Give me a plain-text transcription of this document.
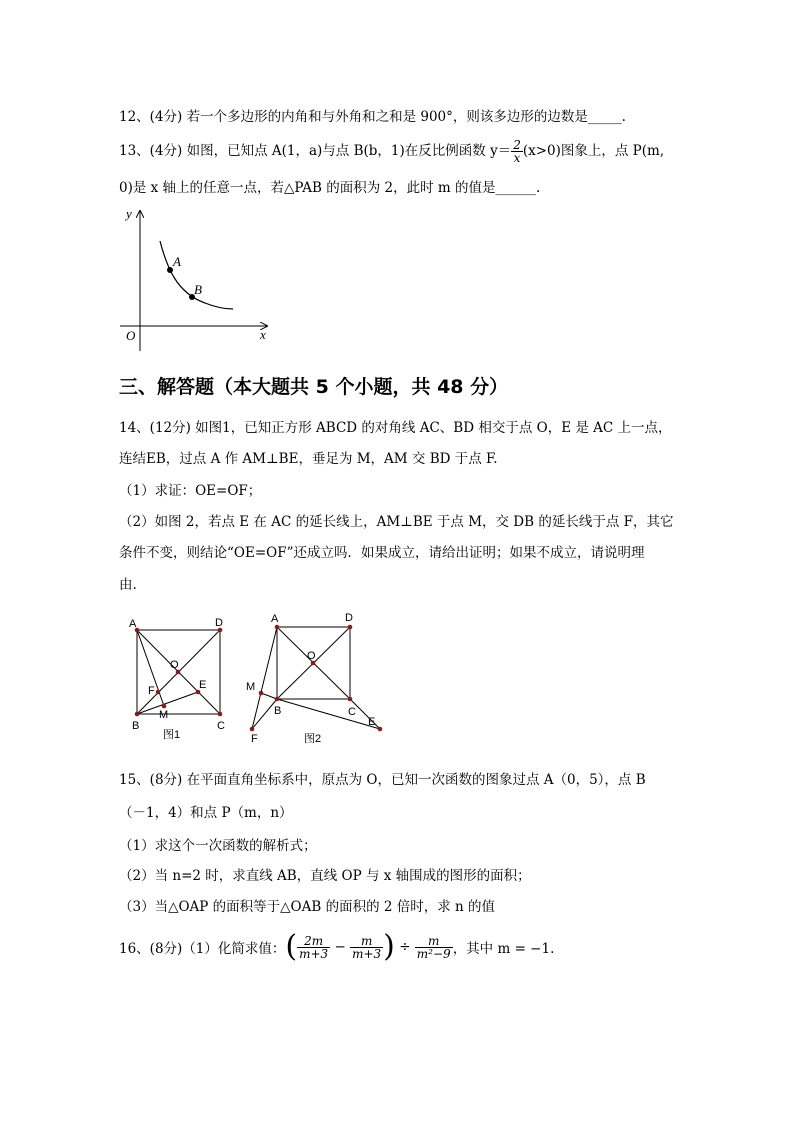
12、(4分) 若一个多边形的内角和与外角和之和是 900°，则该多边形的边数是_____.
13、(4分) 如图，已知点 A(1，a)与点 B(b，1)在反比例函数 $y= \frac{2}{x} (x>0)$图象上，点 P(m,
0)是 x 轴上的任意一点，若△PAB 的面积为 2，此时 m 的值是______.
y
x
O
A
B
三、解答题（本大题共 5 个小题，共 48 分）
14、(12分) 如图1，已知正方形 ABCD 的对角线 AC、BD 相交于点 O，E 是 AC 上一点，
连结EB，过点 A 作 AM⊥BE，垂足为 M，AM 交 BD 于点 F.
（1）求证：OE=OF；
（2）如图 2，若点 E 在 AC 的延长线上，AM⊥BE 于点 M，交 DB 的延长线于点 F，其它
条件不变，则结论“OE=OF”还成立吗．如果成立，请给出证明；如果不成立，请说明理
由.
A	D
O
F	E
M
B	C
图1
A	D
O
M
B	C
E
F	图2
15、(8分) 在平面直角坐标系中，原点为 O，已知一次函数的图象过点 A（0，5），点 B
（－1，4）和点 P（m，n）
（1）求这个一次函数的解析式；
（2）当 n=2 时，求直线 AB，直线 OP 与 x 轴围成的图形的面积；
（3）当△OAP 的面积等于△OAB 的面积的 2 倍时，求 n 的值
16、(8分)（1）化简求值：( $\frac{2m}{m+3} - \frac{m}{m+3}$ ) ÷ $\frac{m}{\text{m²−9}}$ ，其中 m = −1.
